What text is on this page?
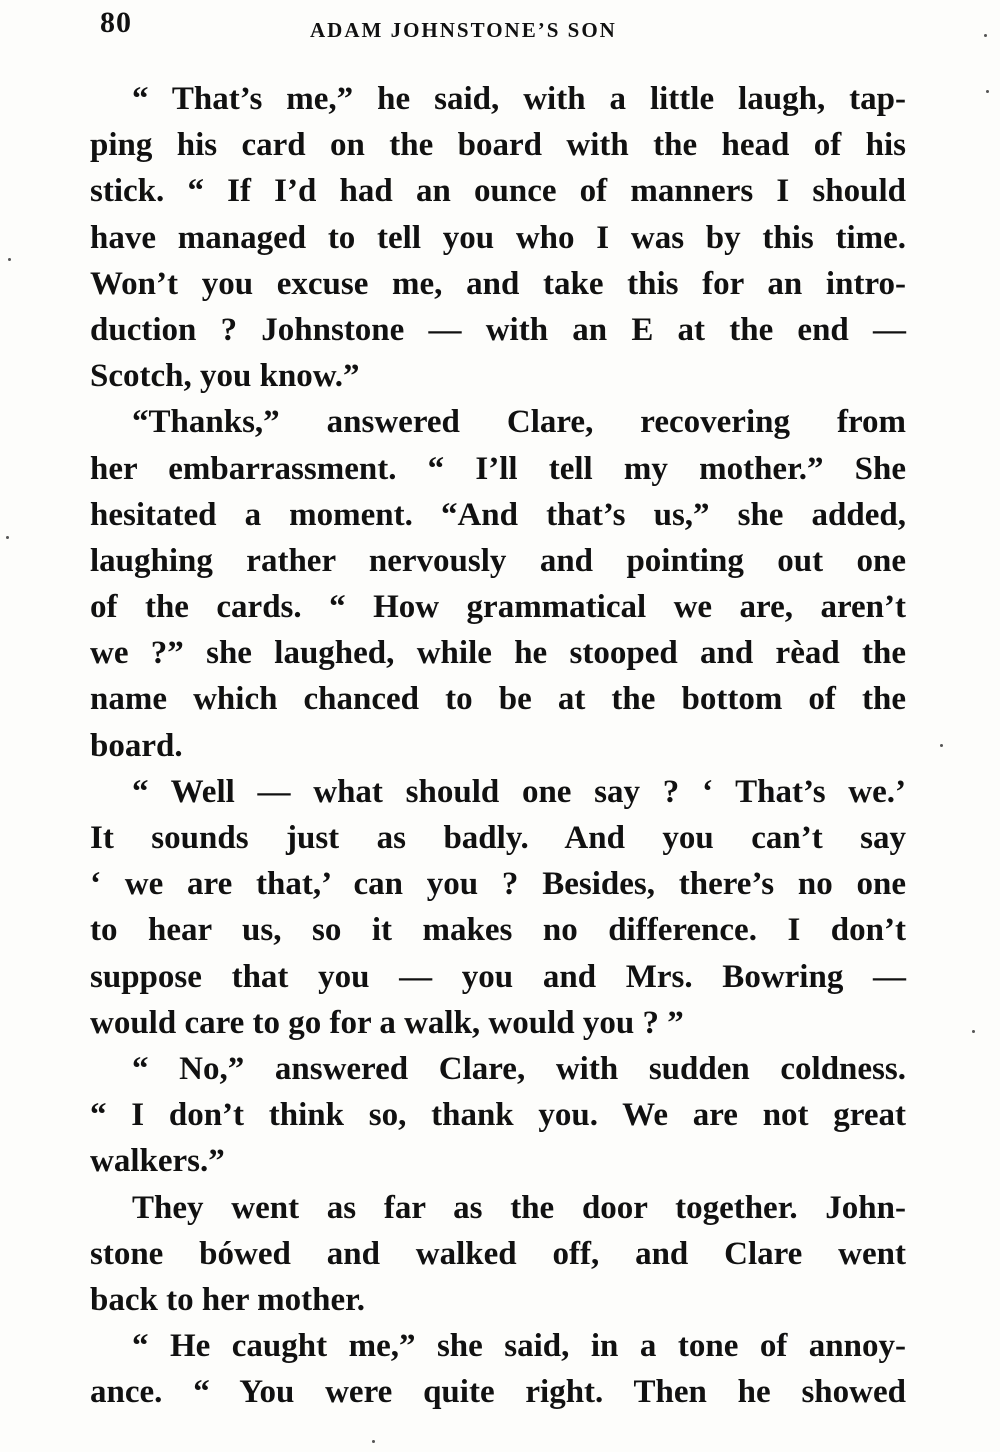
80	ADAM JOHNSTONE’S SON
“ That’s me,” he said, with a little laugh, tap-
ping his card on the board with the head of his
stick. “ If I’d had an ounce of manners I should
have managed to tell you who I was by this time.
Won’t you excuse me, and take this for an intro-
duction ? Johnstone — with an E at the end —
Scotch, you know.”
“Thanks,” answered Clare, recovering from
her embarrassment. “ I’ll tell my mother.” She
hesitated a moment. “And that’s us,” she added,
laughing rather nervously and pointing out one
of the cards. “ How grammatical we are, aren’t
we ?” she laughed, while he stooped and rèad the
name which chanced to be at the bottom of the
board.
“ Well — what should one say ? ‘ That’s we.’
It sounds just as badly. And you can’t say
‘ we are that,’ can you ? Besides, there’s no one
to hear us, so it makes no difference. I don’t
suppose that you — you and Mrs. Bowring —
would care to go for a walk, would you ? ”
“ No,” answered Clare, with sudden coldness.
“ I don’t think so, thank you. We are not great
walkers.”
They went as far as the door together. John-
stone bówed and walked off, and Clare went
back to her mother.
“ He caught me,” she said, in a tone of annoy-
ance. “ You were quite right. Then he showed
